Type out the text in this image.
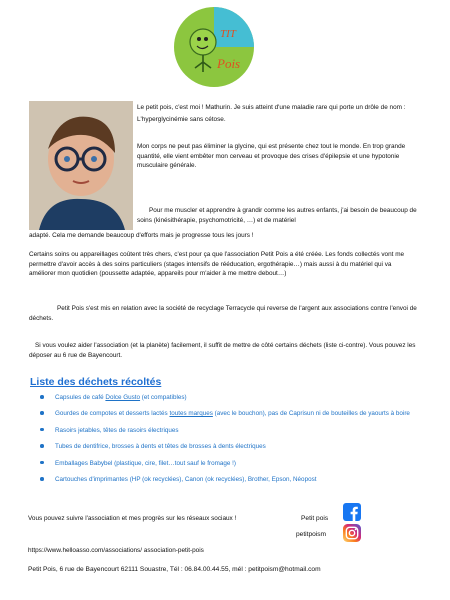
TIT
Pois

Le petit pois, c'est moi ! Mathurin. Je suis atteint d'une maladie rare qui porte un drôle de nom :

L'hyperglycinémie sans cétose.

Mon corps ne peut pas éliminer la glycine, qui est présente chez tout le monde. En trop grande quantité, elle vient embêter mon cerveau et provoque des crises d'épilepsie et une hypotonie musculaire générale.

Pour me muscler et apprendre à grandir comme les autres enfants, j'ai besoin de beaucoup de soins (kinésithérapie, psychomotricité, …) et de matériel

adapté. Cela me demande beaucoup d'efforts mais je progresse tous les jours !

Certains soins ou appareillages coûtent très chers, c'est pour ça que l'association Petit Pois a été créée. Les fonds collectés vont me permettre d'avoir accès à des soins particuliers (stages intensifs de rééducation, ergothérapie…) mais aussi à du matériel qui va améliorer mon quotidien (poussette adaptée, appareils pour m'aider à me mettre debout…)

Petit Pois s'est mis en relation avec la société de recyclage Terracycle qui reverse de l'argent aux associations contre l'envoi de déchets.

Si vous voulez aider l'association (et la planète) facilement, il suffit de mettre de côté certains déchets (liste ci-contre). Vous pouvez les déposer au 6 rue de Bayencourt.

Liste des déchets récoltés

Capsules de café Dolce Gusto (et compatibles)
Gourdes de compotes et desserts lactés toutes marques (avec le bouchon), pas de Caprisun ni de bouteilles de yaourts à boire
Rasoirs jetables, têtes de rasoirs électriques
Tubes de dentifrice, brosses à dents et têtes de brosses à dents électriques
Emballages Babybel (plastique, cire, filet…tout sauf le fromage !)
Cartouches d'imprimantes (HP (ok recyclées), Canon (ok recyclées), Brother, Epson, Néopost

Vous pouvez suivre l'association et mes progrès sur les réseaux sociaux !	Petit pois

petitpoism

https://www.helloasso.com/associations/ association-petit-pois

Petit Pois, 6 rue de Bayencourt 62111 Souastre, Tél : 06.84.00.44.55, mél : petitpoism@hotmail.com
